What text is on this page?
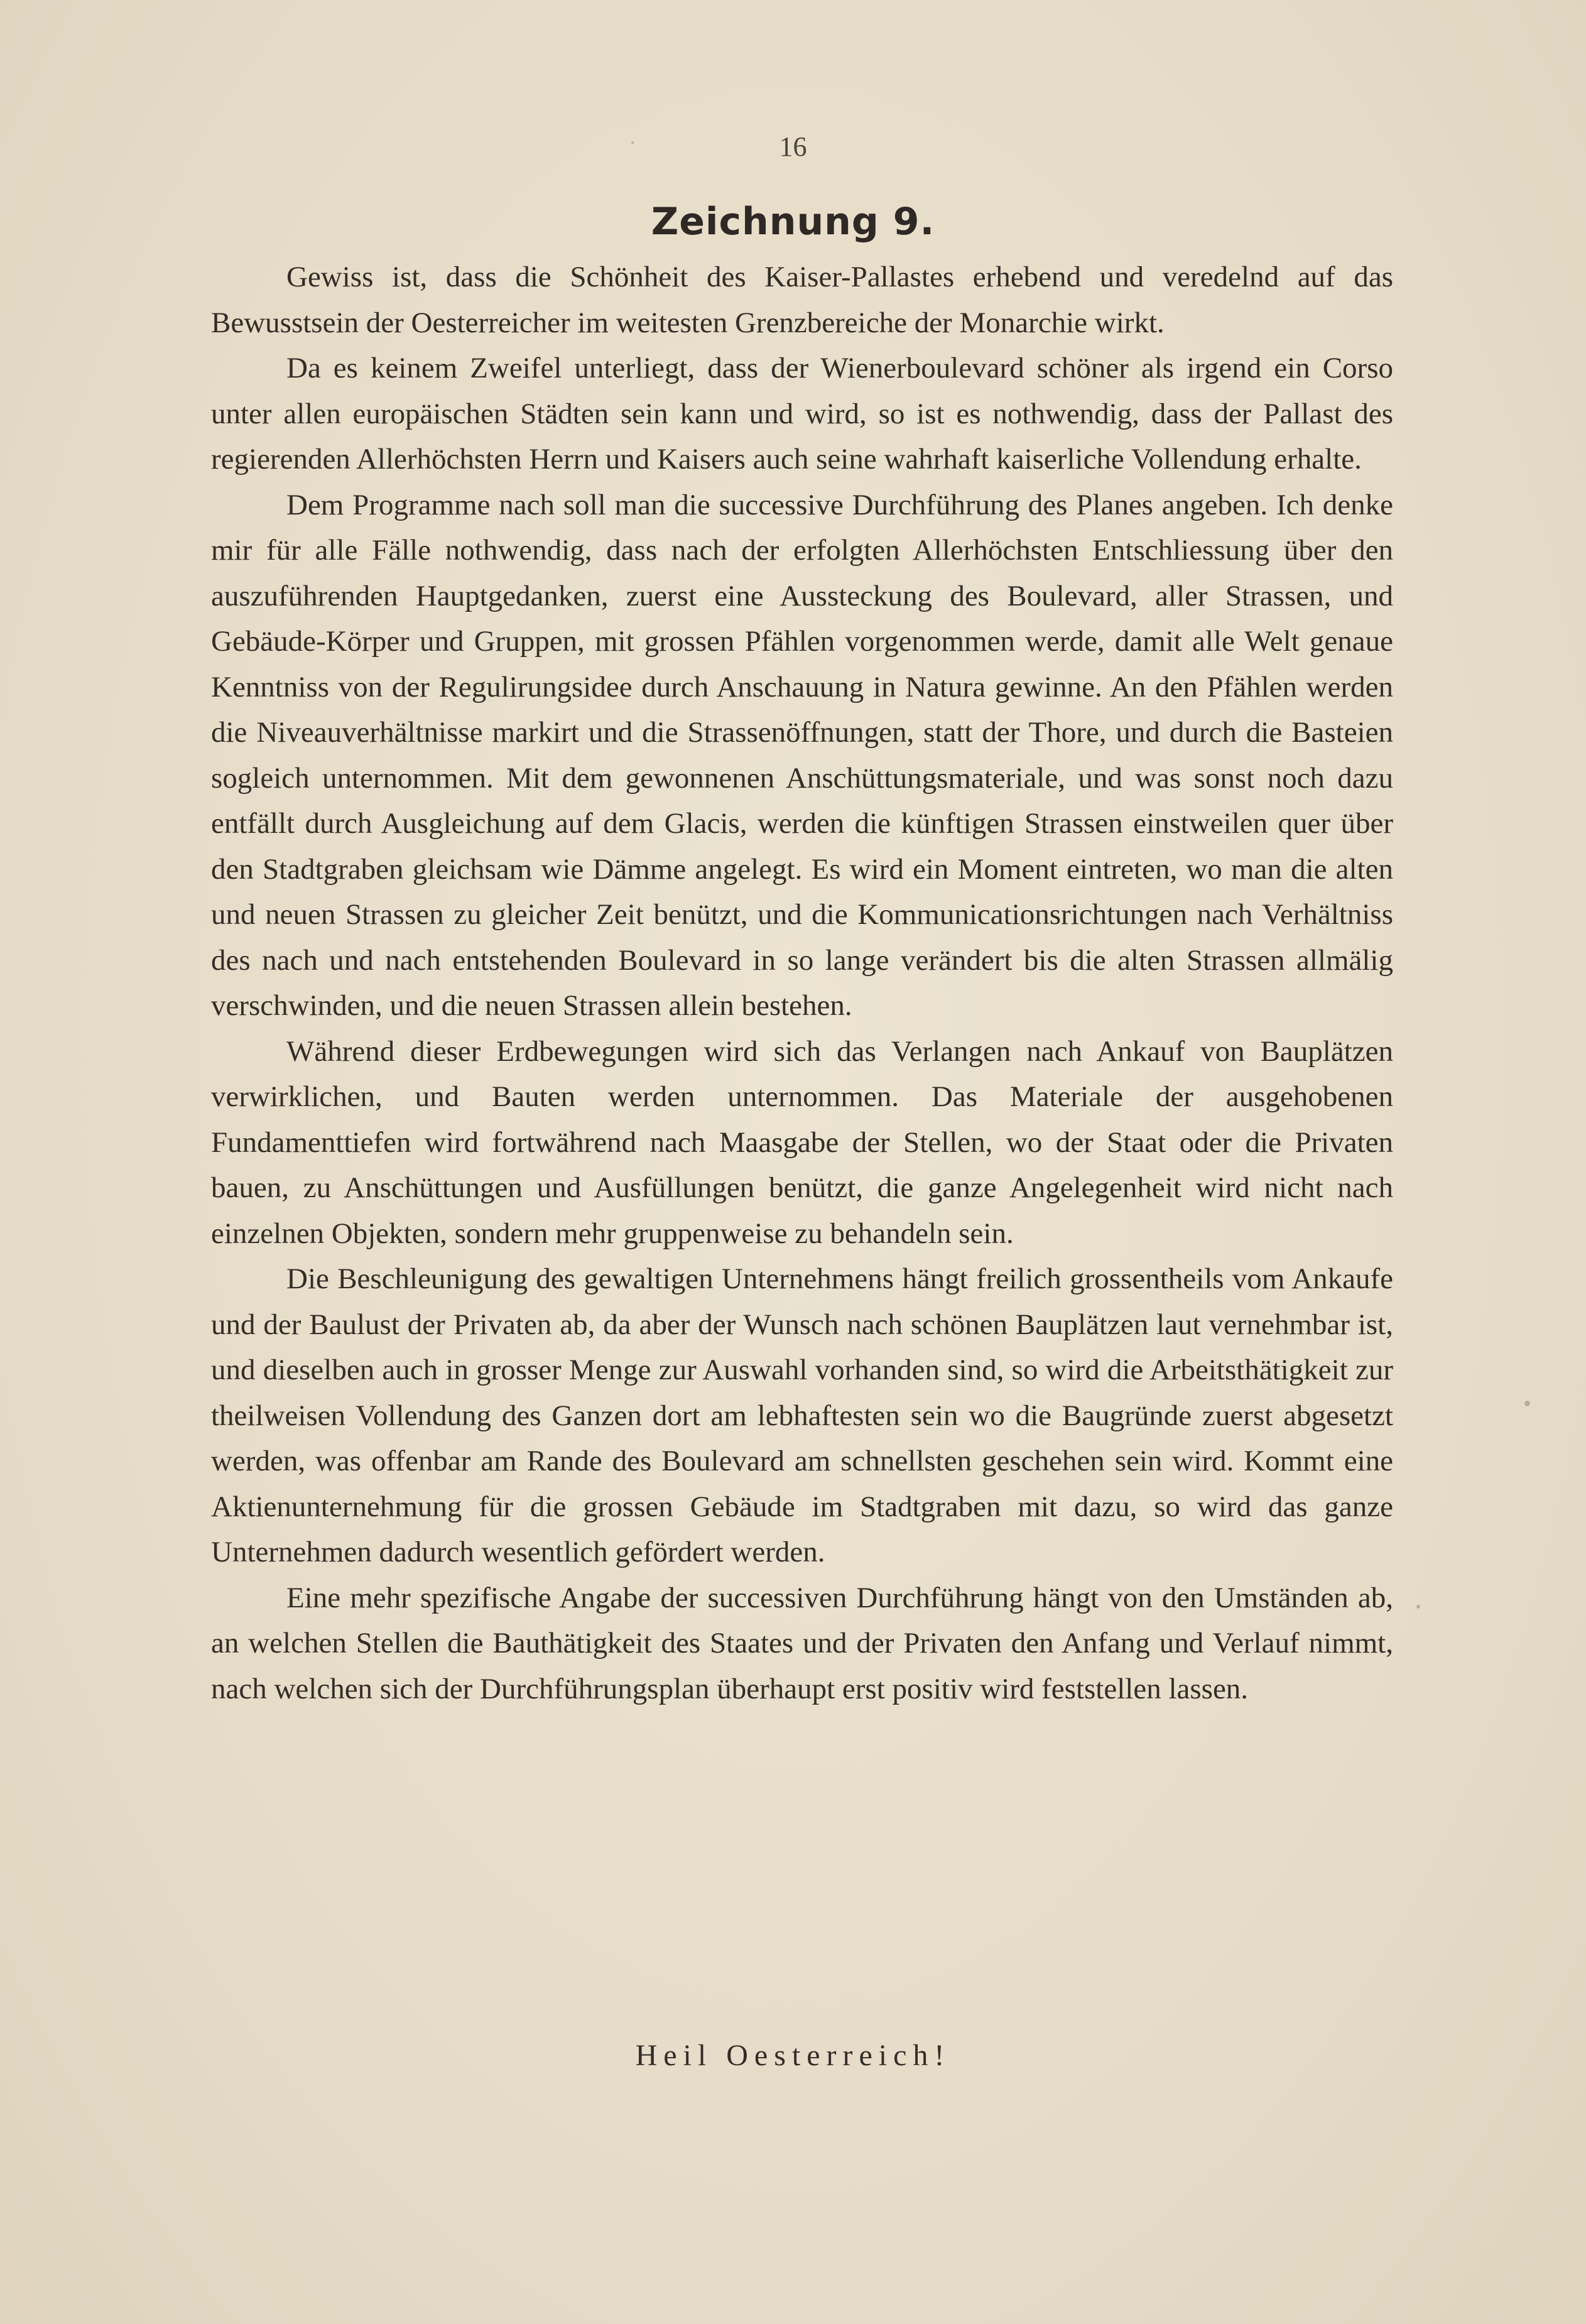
16
Zeichnung 9.

Gewiss ist, dass die Schönheit des Kaiser-Pallastes erhebend und veredelnd auf das Bewusstsein der Oesterreicher im weitesten Grenzbereiche der Monarchie wirkt.

Da es keinem Zweifel unterliegt, dass der Wienerboulevard schöner als irgend ein Corso unter allen europäischen Städten sein kann und wird, so ist es nothwendig, dass der Pallast des regierenden Allerhöchsten Herrn und Kaisers auch seine wahrhaft kaiserliche Vollendung erhalte.

Dem Programme nach soll man die successive Durchführung des Planes angeben. Ich denke mir für alle Fälle nothwendig, dass nach der erfolgten Allerhöchsten Entschliessung über den auszuführenden Hauptgedanken, zuerst eine Aussteckung des Boulevard, aller Strassen, und Gebäude-Körper und Gruppen, mit grossen Pfählen vorgenommen werde, damit alle Welt genaue Kenntniss von der Regulirungsidee durch Anschauung in Natura gewinne. An den Pfählen werden die Niveauverhältnisse markirt und die Strassenöffnungen, statt der Thore, und durch die Basteien sogleich unternommen. Mit dem gewonnenen Anschüttungsmateriale, und was sonst noch dazu entfällt durch Ausgleichung auf dem Glacis, werden die künftigen Strassen einstweilen quer über den Stadtgraben gleichsam wie Dämme angelegt. Es wird ein Moment eintreten, wo man die alten und neuen Strassen zu gleicher Zeit benützt, und die Kommunicationsrichtungen nach Verhältniss des nach und nach entstehenden Boulevard in so lange verändert bis die alten Strassen allmälig verschwinden, und die neuen Strassen allein bestehen.

Während dieser Erdbewegungen wird sich das Verlangen nach Ankauf von Bauplätzen verwirklichen, und Bauten werden unternommen. Das Materiale der ausgehobenen Fundamenttiefen wird fortwährend nach Maasgabe der Stellen, wo der Staat oder die Privaten bauen, zu Anschüttungen und Ausfüllungen benützt, die ganze Angelegenheit wird nicht nach einzelnen Objekten, sondern mehr gruppenweise zu behandeln sein.

Die Beschleunigung des gewaltigen Unternehmens hängt freilich grossentheils vom Ankaufe und der Baulust der Privaten ab, da aber der Wunsch nach schönen Bauplätzen laut vernehmbar ist, und dieselben auch in grosser Menge zur Auswahl vorhanden sind, so wird die Arbeitsthätigkeit zur theilweisen Vollendung des Ganzen dort am lebhaftesten sein wo die Baugründe zuerst abgesetzt werden, was offenbar am Rande des Boulevard am schnellsten geschehen sein wird. Kommt eine Aktienunternehmung für die grossen Gebäude im Stadtgraben mit dazu, so wird das ganze Unternehmen dadurch wesentlich gefördert werden.

Eine mehr spezifische Angabe der successiven Durchführung hängt von den Umständen ab, an welchen Stellen die Bauthätigkeit des Staates und der Privaten den Anfang und Verlauf nimmt, nach welchen sich der Durchführungsplan überhaupt erst positiv wird feststellen lassen.

Heil Oesterreich!
